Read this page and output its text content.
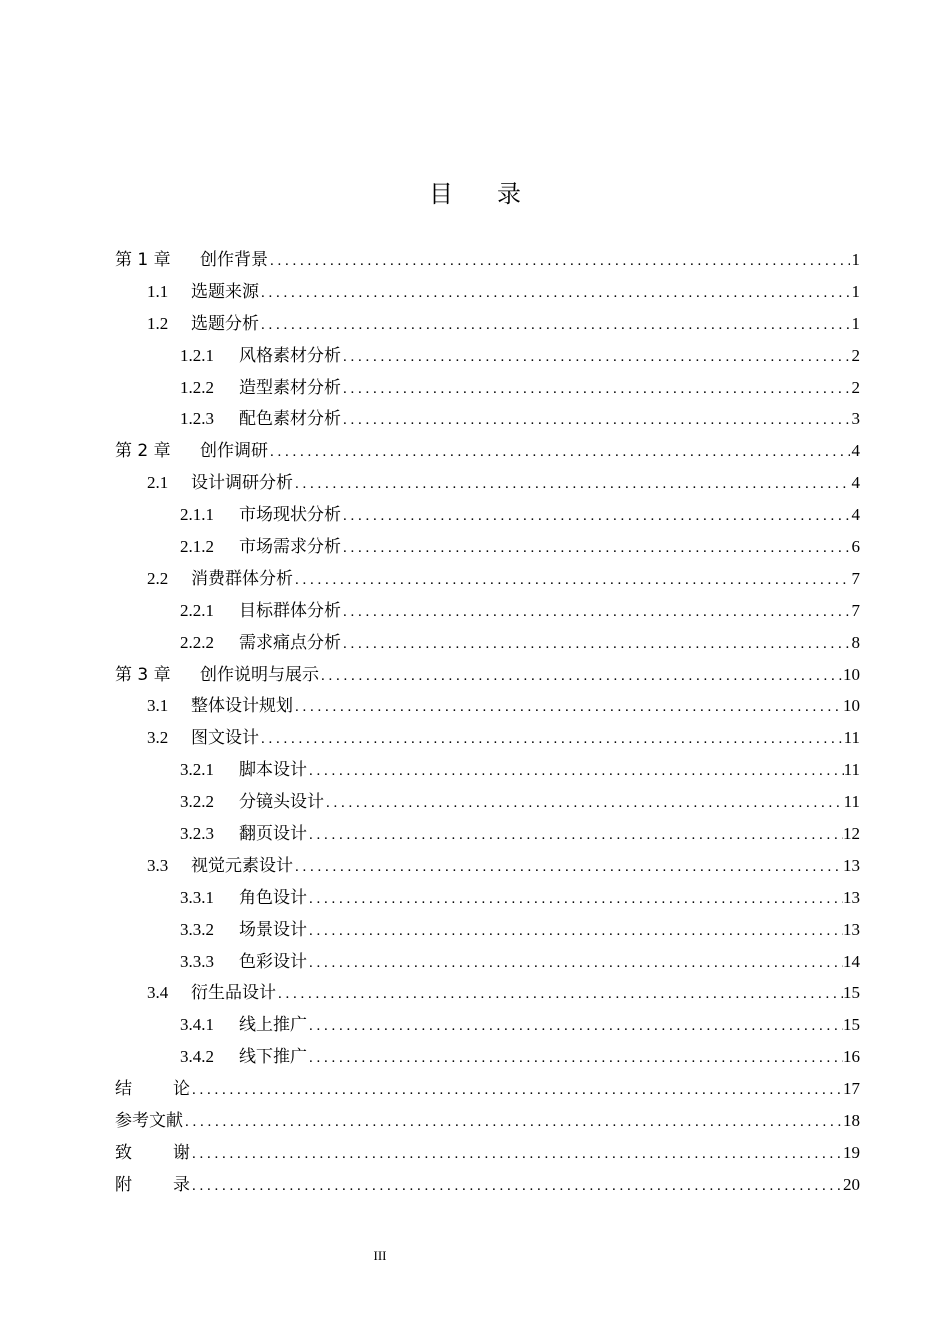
目录
第 1 章	创作背景 . . .	1
1.1	选题来源 . . .	1
1.2	选题分析 . . .	1
1.2.1	风格素材分析 . . .	2
1.2.2	造型素材分析 . . .	2
1.2.3	配色素材分析 . . .	3
第 2 章	创作调研 . . .	4
2.1	设计调研分析 . . .	4
2.1.1	市场现状分析 . . .	4
2.1.2	市场需求分析 . . .	6
2.2	消费群体分析 . . .	7
2.2.1	目标群体分析 . . .	7
2.2.2	需求痛点分析 . . .	8
第 3 章	创作说明与展示 . . .	10
3.1	整体设计规划 . . .	10
3.2	图文设计 . . .	11
3.2.1	脚本设计 . . .	11
3.2.2	分镜头设计 . . .	11
3.2.3	翻页设计 . . .	12
3.3	视觉元素设计 . . .	13
3.3.1	角色设计 . . .	13
3.3.2	场景设计 . . .	13
3.3.3	色彩设计 . . .	14
3.4	衍生品设计 . . .	15
3.4.1	线上推广 . . .	15
3.4.2	线下推广 . . .	16
结 论 . . .	17
参考文献 . . .	18
致 谢 . . .	19
附 录 . . .	20
III
